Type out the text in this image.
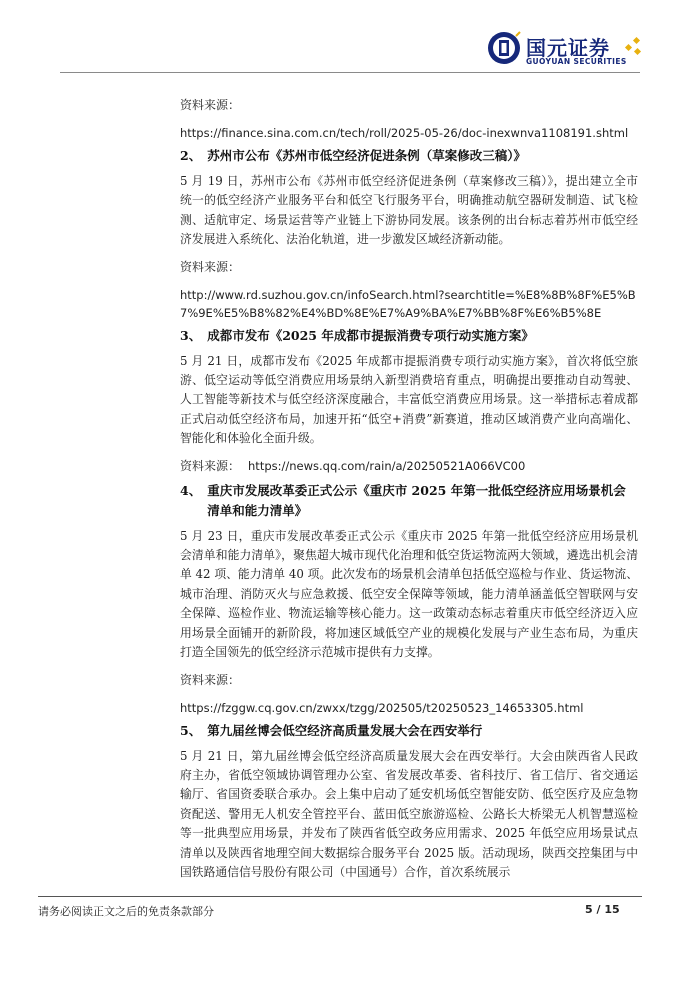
国元证券
GUOYUAN SECURITIES
资料来源：
https://finance.sina.com.cn/tech/roll/2025-05-26/doc-inexwnva1108191.shtml
2、 苏州市公布《苏州市低空经济促进条例（草案修改三稿）》

5 月 19 日，苏州市公布《苏州市低空经济促进条例（草案修改三稿）》，提出建立全市统一的低空经济产业服务平台和低空飞行服务平台，明确推动航空器研发制造、试飞检测、适航审定、场景运营等产业链上下游协同发展。该条例的出台标志着苏州市低空经济发展进入系统化、法治化轨道，进一步激发区域经济新动能。

资料来源：
http://www.rd.suzhou.gov.cn/infoSearch.html?searchtitle=%E8%8B%8F%E5%B7%9E%E5%B8%82%E4%BD%8E%E7%A9%BA%E7%BB%8F%E6%B5%8E
3、 成都市发布《2025 年成都市提振消费专项行动实施方案》

5 月 21 日，成都市发布《2025 年成都市提振消费专项行动实施方案》，首次将低空旅游、低空运动等低空消费应用场景纳入新型消费培育重点，明确提出要推动自动驾驶、人工智能等新技术与低空经济深度融合，丰富低空消费应用场景。这一举措标志着成都正式启动低空经济布局，加速开拓“低空+消费”新赛道，推动区域消费产业向高端化、智能化和体验化全面升级。

资料来源： https://news.qq.com/rain/a/20250521A066VC00
4、 重庆市发展改革委正式公示《重庆市 2025 年第一批低空经济应用场景机会清单和能力清单》

5 月 23 日，重庆市发展改革委正式公示《重庆市 2025 年第一批低空经济应用场景机会清单和能力清单》，聚焦超大城市现代化治理和低空货运物流两大领域，遴选出机会清单 42 项、能力清单 40 项。此次发布的场景机会清单包括低空巡检与作业、货运物流、城市治理、消防灭火与应急救援、低空安全保障等领域，能力清单涵盖低空智联网与安全保障、巡检作业、物流运输等核心能力。这一政策动态标志着重庆市低空经济迈入应用场景全面铺开的新阶段，将加速区域低空产业的规模化发展与产业生态布局，为重庆打造全国领先的低空经济示范城市提供有力支撑。

资料来源：
https://fzggw.cq.gov.cn/zwxx/tzgg/202505/t20250523_14653305.html
5、 第九届丝博会低空经济高质量发展大会在西安举行

5 月 21 日，第九届丝博会低空经济高质量发展大会在西安举行。大会由陕西省人民政府主办，省低空领域协调管理办公室、省发展改革委、省科技厅、省工信厅、省交通运输厅、省国资委联合承办。会上集中启动了延安机场低空智能安防、低空医疗及应急物资配送、警用无人机安全管控平台、蓝田低空旅游巡检、公路长大桥梁无人机智慧巡检等一批典型应用场景，并发布了陕西省低空政务应用需求、2025 年低空应用场景试点清单以及陕西省地理空间大数据综合服务平台 2025 版。活动现场，陕西交控集团与中国铁路通信信号股份有限公司（中国通号）合作，首次系统展示

请务必阅读正文之后的免责条款部分	5 / 15
